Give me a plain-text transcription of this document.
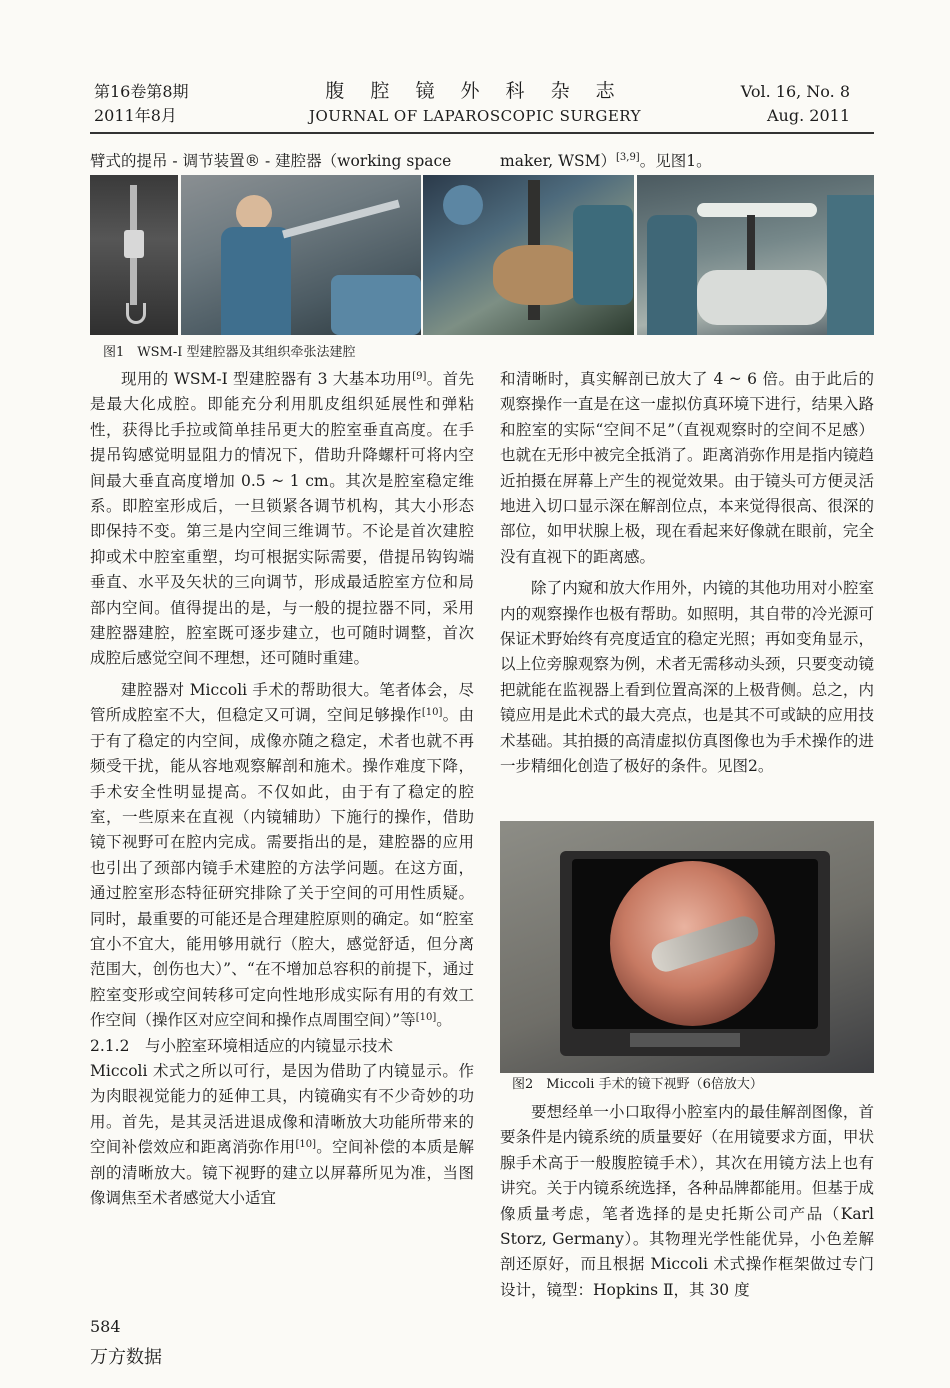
第16卷第8期
2011年8月
腹 腔 镜 外 科 杂 志
JOURNAL OF LAPAROSCOPIC SURGERY
Vol. 16, No. 8
Aug. 2011
臂式的提吊 - 调节装置® - 建腔器（working space	maker, WSM）[3,9]。见图1。
图1　WSM-I 型建腔器及其组织牵张法建腔

现用的 WSM-I 型建腔器有 3 大基本功用[9]。首先是最大化成腔。即能充分利用肌皮组织延展性和弹粘性，获得比手拉或简单挂吊更大的腔室垂直高度。在手提吊钩感觉明显阻力的情况下，借助升降螺杆可将内空间最大垂直高度增加 0.5 ~ 1 cm。其次是腔室稳定维系。即腔室形成后，一旦锁紧各调节机构，其大小形态即保持不变。第三是内空间三维调节。不论是首次建腔抑或术中腔室重塑，均可根据实际需要，借提吊钩钩端垂直、水平及矢状的三向调节，形成最适腔室方位和局部内空间。值得提出的是，与一般的提拉器不同，采用建腔器建腔，腔室既可逐步建立，也可随时调整，首次成腔后感觉空间不理想，还可随时重建。

建腔器对 Miccoli 手术的帮助很大。笔者体会，尽管所成腔室不大，但稳定又可调，空间足够操作[10]。由于有了稳定的内空间，成像亦随之稳定，术者也就不再频受干扰，能从容地观察解剖和施术。操作难度下降，手术安全性明显提高。不仅如此，由于有了稳定的腔室，一些原来在直视（内镜辅助）下施行的操作，借助镜下视野可在腔内完成。需要指出的是，建腔器的应用也引出了颈部内镜手术建腔的方法学问题。在这方面，通过腔室形态特征研究排除了关于空间的可用性质疑。同时，最重要的可能还是合理建腔原则的确定。如“腔室宜小不宜大，能用够用就行（腔大，感觉舒适，但分离范围大，创伤也大）”、“在不增加总容积的前提下，通过腔室变形或空间转移可定向性地形成实际有用的有效工作空间（操作区对应空间和操作点周围空间）”等[10]。

2.1.2　与小腔室环境相适应的内镜显示技术

Miccoli 术式之所以可行，是因为借助了内镜显示。作为肉眼视觉能力的延伸工具，内镜确实有不少奇妙的功用。首先，是其灵活进退成像和清晰放大功能所带来的空间补偿效应和距离消弥作用[10]。空间补偿的本质是解剖的清晰放大。镜下视野的建立以屏幕所见为准，当图像调焦至术者感觉大小适宜

和清晰时，真实解剖已放大了 4 ~ 6 倍。由于此后的观察操作一直是在这一虚拟仿真环境下进行，结果入路和腔室的实际“空间不足”（直视观察时的空间不足感）也就在无形中被完全抵消了。距离消弥作用是指内镜趋近拍摄在屏幕上产生的视觉效果。由于镜头可方便灵活地进入切口显示深在解剖位点，本来觉得很高、很深的部位，如甲状腺上极，现在看起来好像就在眼前，完全没有直视下的距离感。

除了内窥和放大作用外，内镜的其他功用对小腔室内的观察操作也极有帮助。如照明，其自带的冷光源可保证术野始终有亮度适宜的稳定光照；再如变角显示，以上位旁腺观察为例，术者无需移动头颈，只要变动镜把就能在监视器上看到位置高深的上极背侧。总之，内镜应用是此术式的最大亮点，也是其不可或缺的应用技术基础。其拍摄的高清虚拟仿真图像也为手术操作的进一步精细化创造了极好的条件。见图2。

图2　Miccoli 手术的镜下视野（6倍放大）

要想经单一小口取得小腔室内的最佳解剖图像，首要条件是内镜系统的质量要好（在用镜要求方面，甲状腺手术高于一般腹腔镜手术），其次在用镜方法上也有讲究。关于内镜系统选择，各种品牌都能用。但基于成像质量考虑，笔者选择的是史托斯公司产品（Karl Storz, Germany）。其物理光学性能优异，小色差解剖还原好，而且根据 Miccoli 术式操作框架做过专门设计，镜型：Hopkins Ⅱ，其 30 度

584
万方数据
